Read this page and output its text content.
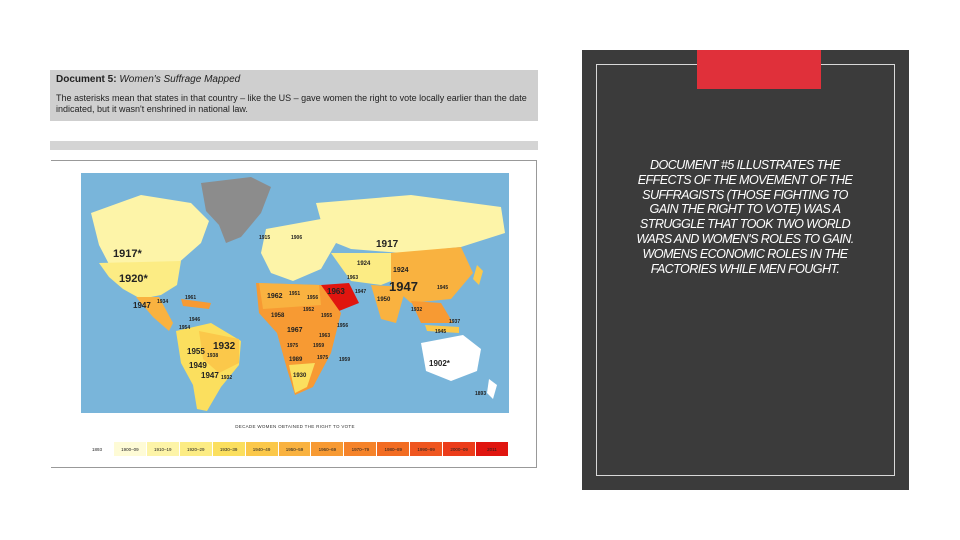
Document 5: Women's Suffrage Mapped

The asterisks mean that states in that country – like the US – gave women the right to vote locally earlier than the date indicated, but it wasn't enshrined in national law.

1917*
1920*
1947 1934
1961
1946
1954
1932
1955 1938
1949
1947 1932
1915	1906
1917
1924
1924
1947	1945
1950
1947
1932
1937
1945
1963
1963
1962 1951
1956
1952
1955
1956
1958
1967
1963
1959
1975
1975
1989
1930
1959	1902*
1893
DECADE WOMEN OBTAINED THE RIGHT TO VOTE
1893	1900–09	1910–19	1920–29	1930–39	1940–49	1950–59	1960–69	1970–79	1980–89	1990–99	2000–09	2011
DOCUMENT #5 ILLUSTRATES THE EFFECTS OF THE MOVEMENT OF THE SUFFRAGISTS (THOSE FIGHTING TO GAIN THE RIGHT TO VOTE) WAS A STRUGGLE THAT TOOK TWO WORLD WARS AND WOMEN'S ROLES TO GAIN. WOMENS ECONOMIC ROLES IN THE FACTORIES WHILE MEN FOUGHT.
